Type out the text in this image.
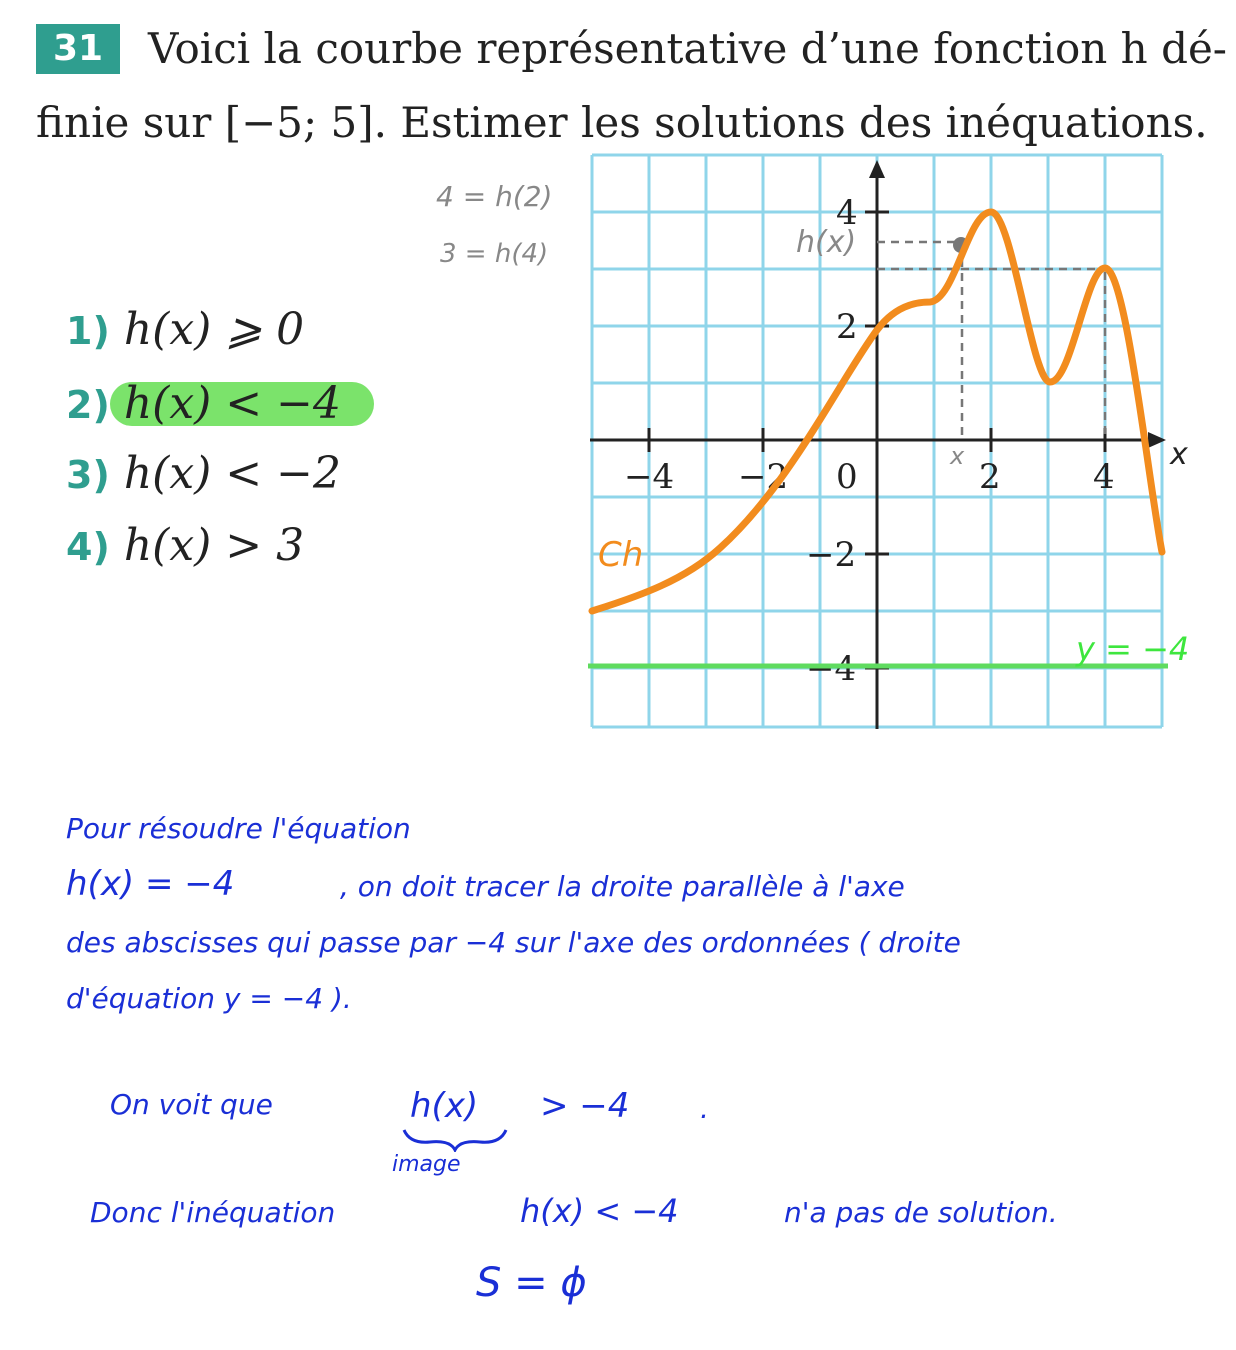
31	Voici la courbe représentative d’une fonction h dé-
finie sur [−5; 5]. Estimer les solutions des inéquations.
1) h(x) ⩾ 0
2) h(x) < −4
3) h(x) < −2
4) h(x) > 3
−4 −2 0	2	4
4
2
−2
−4
x
y = −4
Ch
4 = h(2)
3 = h(4)	h(x)
x
Pour résoudre l'équation
h(x) = −4	, on doit tracer la droite parallèle à l'axe
des abscisses qui passe par −4 sur l'axe des ordonnées ( droite
d'équation y = −4 ).
On voit que	h(x) > −4	.
image
Donc l'inéquation	h(x) < −4	n'a pas de solution.
S = ϕ
